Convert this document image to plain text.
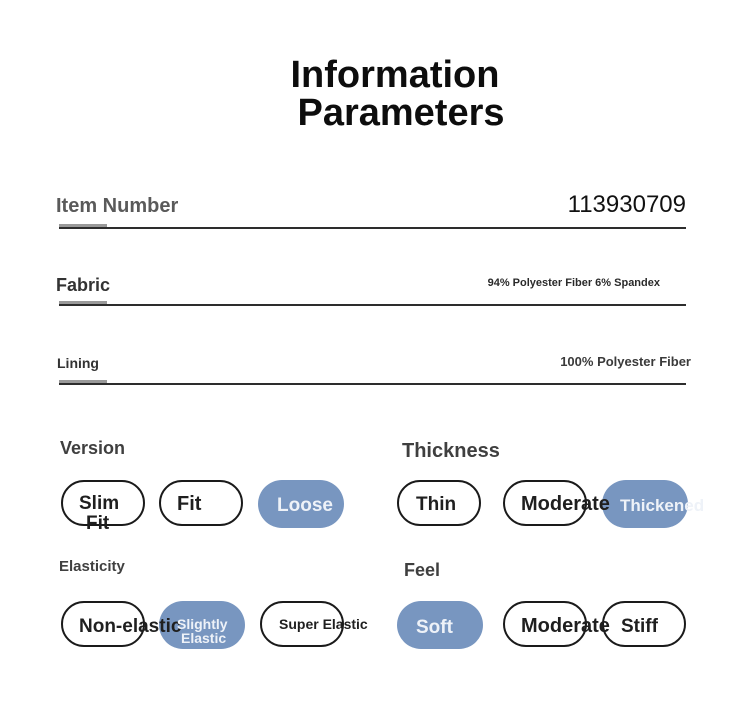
Information
Parameters
Item Number	113930709
Fabric	94% Polyester Fiber 6% Spandex
Lining	100% Polyester Fiber
Version
Slim
Fit
Fit	Loose
Thickness
Thin	Moderate Thickened
Elasticity
Non-elastic
Slightly
Elastic
Super Elastic
Feel
Soft	Moderate Stiff
